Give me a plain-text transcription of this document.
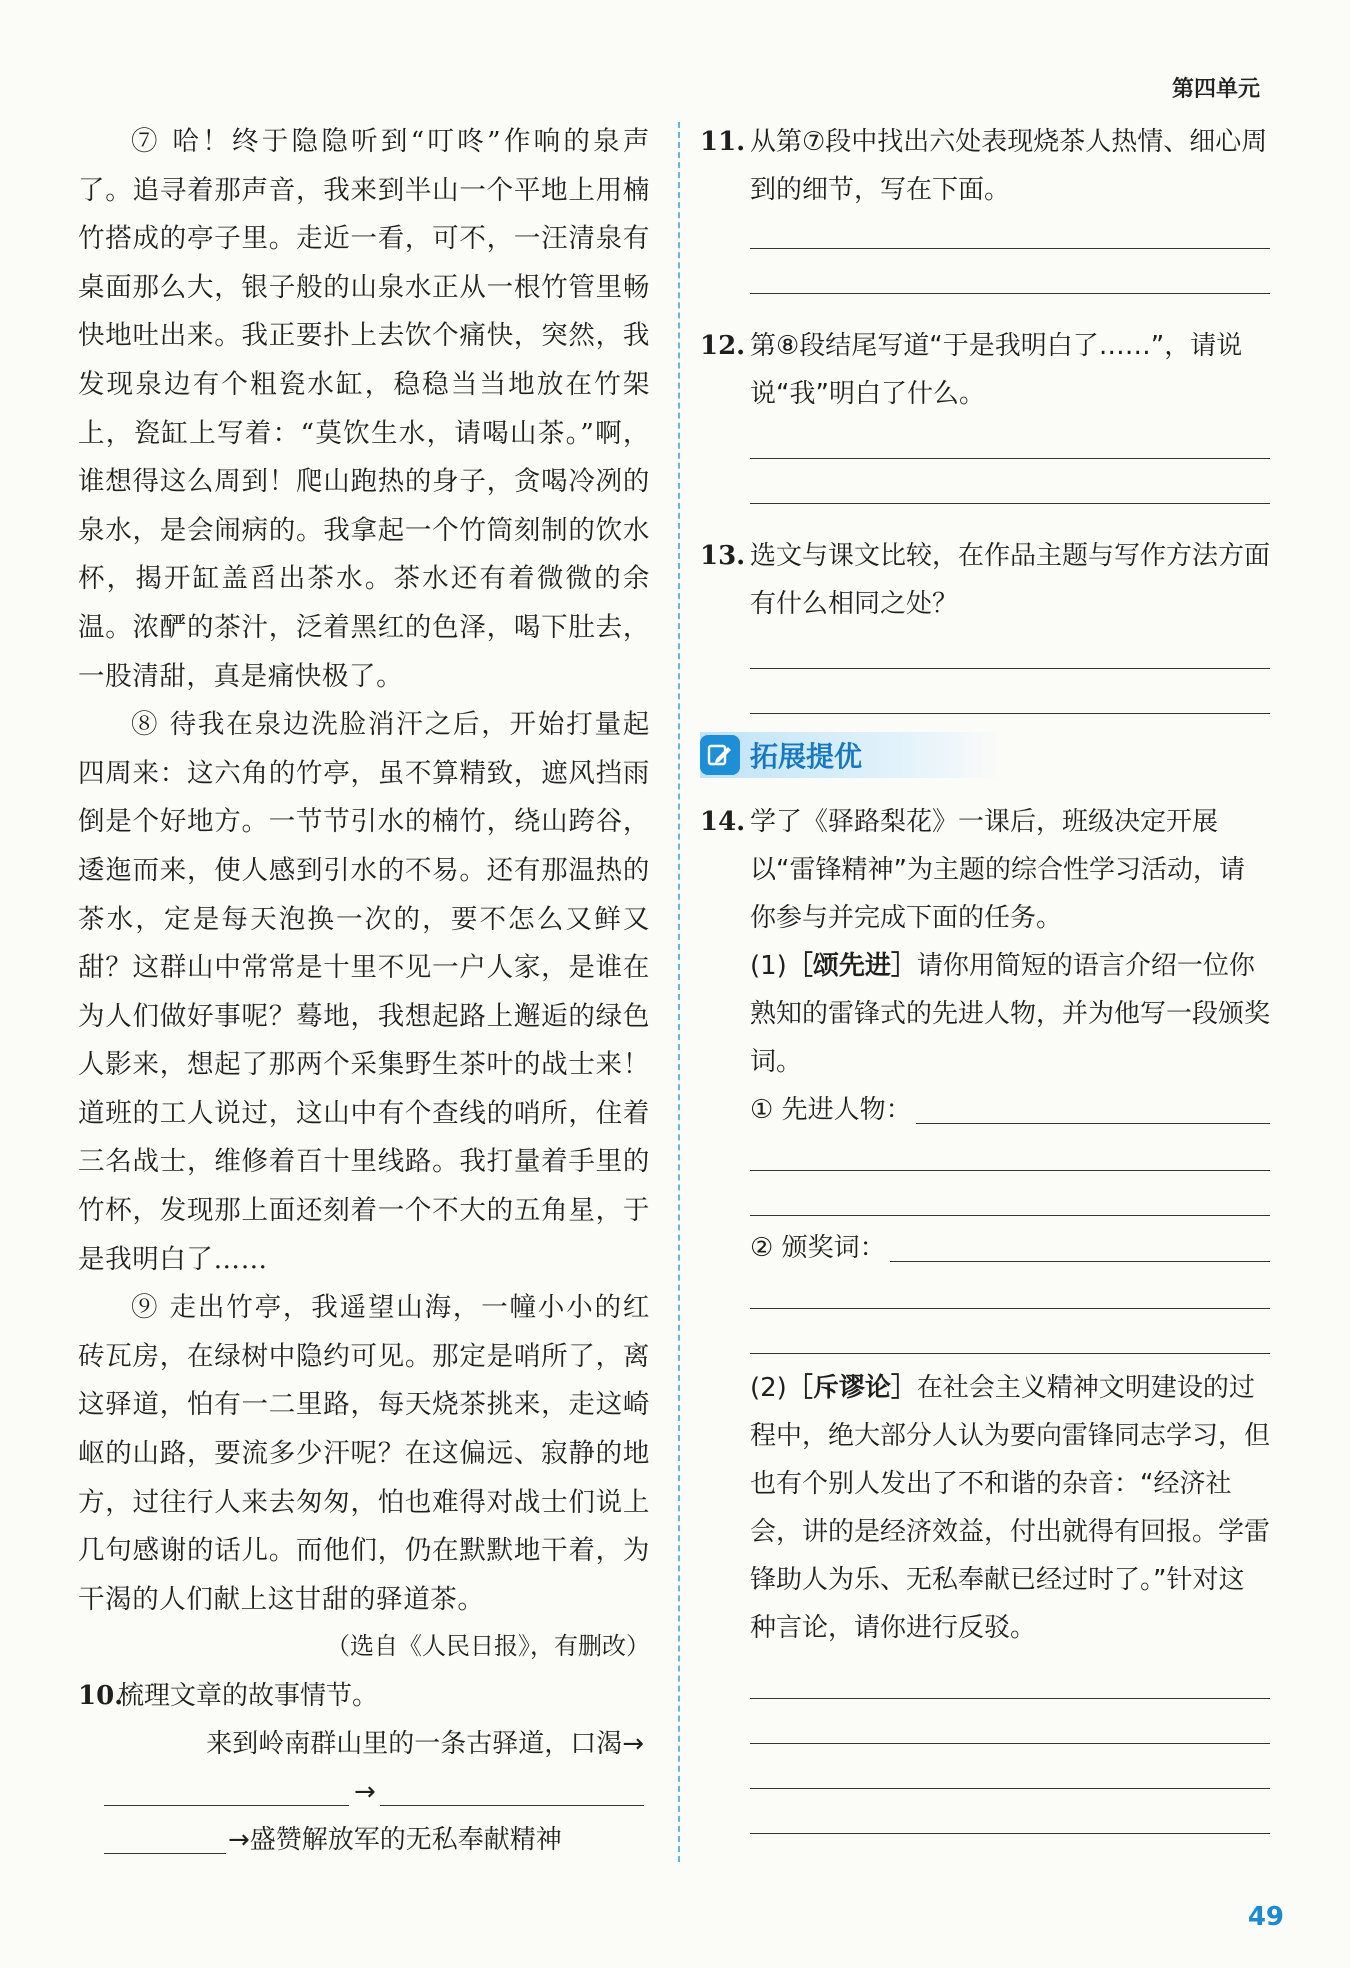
第四单元

⑦ 哈！终于隐隐听到“叮咚”作响的泉声了。追寻着那声音，我来到半山一个平地上用楠竹搭成的亭子里。走近一看，可不，一汪清泉有桌面那么大，银子般的山泉水正从一根竹管里畅快地吐出来。我正要扑上去饮个痛快，突然，我发现泉边有个粗瓷水缸，稳稳当当地放在竹架上，瓷缸上写着：“莫饮生水，请喝山茶。”啊，谁想得这么周到！爬山跑热的身子，贪喝冷冽的泉水，是会闹病的。我拿起一个竹筒刻制的饮水杯，揭开缸盖舀出茶水。茶水还有着微微的余温。浓酽的茶汁，泛着黑红的色泽，喝下肚去，一股清甜，真是痛快极了。

⑧ 待我在泉边洗脸消汗之后，开始打量起四周来：这六角的竹亭，虽不算精致，遮风挡雨倒是个好地方。一节节引水的楠竹，绕山跨谷，逶迤而来，使人感到引水的不易。还有那温热的茶水，定是每天泡换一次的，要不怎么又鲜又甜？这群山中常常是十里不见一户人家，是谁在为人们做好事呢？蓦地，我想起路上邂逅的绿色人影来，想起了那两个采集野生茶叶的战士来！道班的工人说过，这山中有个查线的哨所，住着三名战士，维修着百十里线路。我打量着手里的竹杯，发现那上面还刻着一个不大的五角星，于是我明白了……

⑨ 走出竹亭，我遥望山海，一幢小小的红砖瓦房，在绿树中隐约可见。那定是哨所了，离这驿道，怕有一二里路，每天烧茶挑来，走这崎岖的山路，要流多少汗呢？在这偏远、寂静的地方，过往行人来去匆匆，怕也难得对战士们说上几句感谢的话儿。而他们，仍在默默地干着，为干渴的人们献上这甘甜的驿道茶。

（选自《人民日报》，有删改）

10.
梳理文章的故事情节。
来到岭南群山里的一条古驿道，口渴→
→
→盛赞解放军的无私奉献精神
11. 从第⑦段中找出六处表现烧茶人热情、细心周到的细节，写在下面。
12. 第⑧段结尾写道“于是我明白了……”，请说说“我”明白了什么。
13. 选文与课文比较，在作品主题与写作方法方面有什么相同之处？
拓展提优
14. 学了《驿路梨花》一课后，班级决定开展以“雷锋精神”为主题的综合性学习活动，请你参与并完成下面的任务。

(1)［颂先进］请你用简短的语言介绍一位你熟知的雷锋式的先进人物，并为他写一段颁奖词。

① 先进人物：
② 颁奖词：

(2)［斥谬论］在社会主义精神文明建设的过程中，绝大部分人认为要向雷锋同志学习，但也有个别人发出了不和谐的杂音：“经济社会，讲的是经济效益，付出就得有回报。学雷锋助人为乐、无私奉献已经过时了。”针对这种言论，请你进行反驳。

49
